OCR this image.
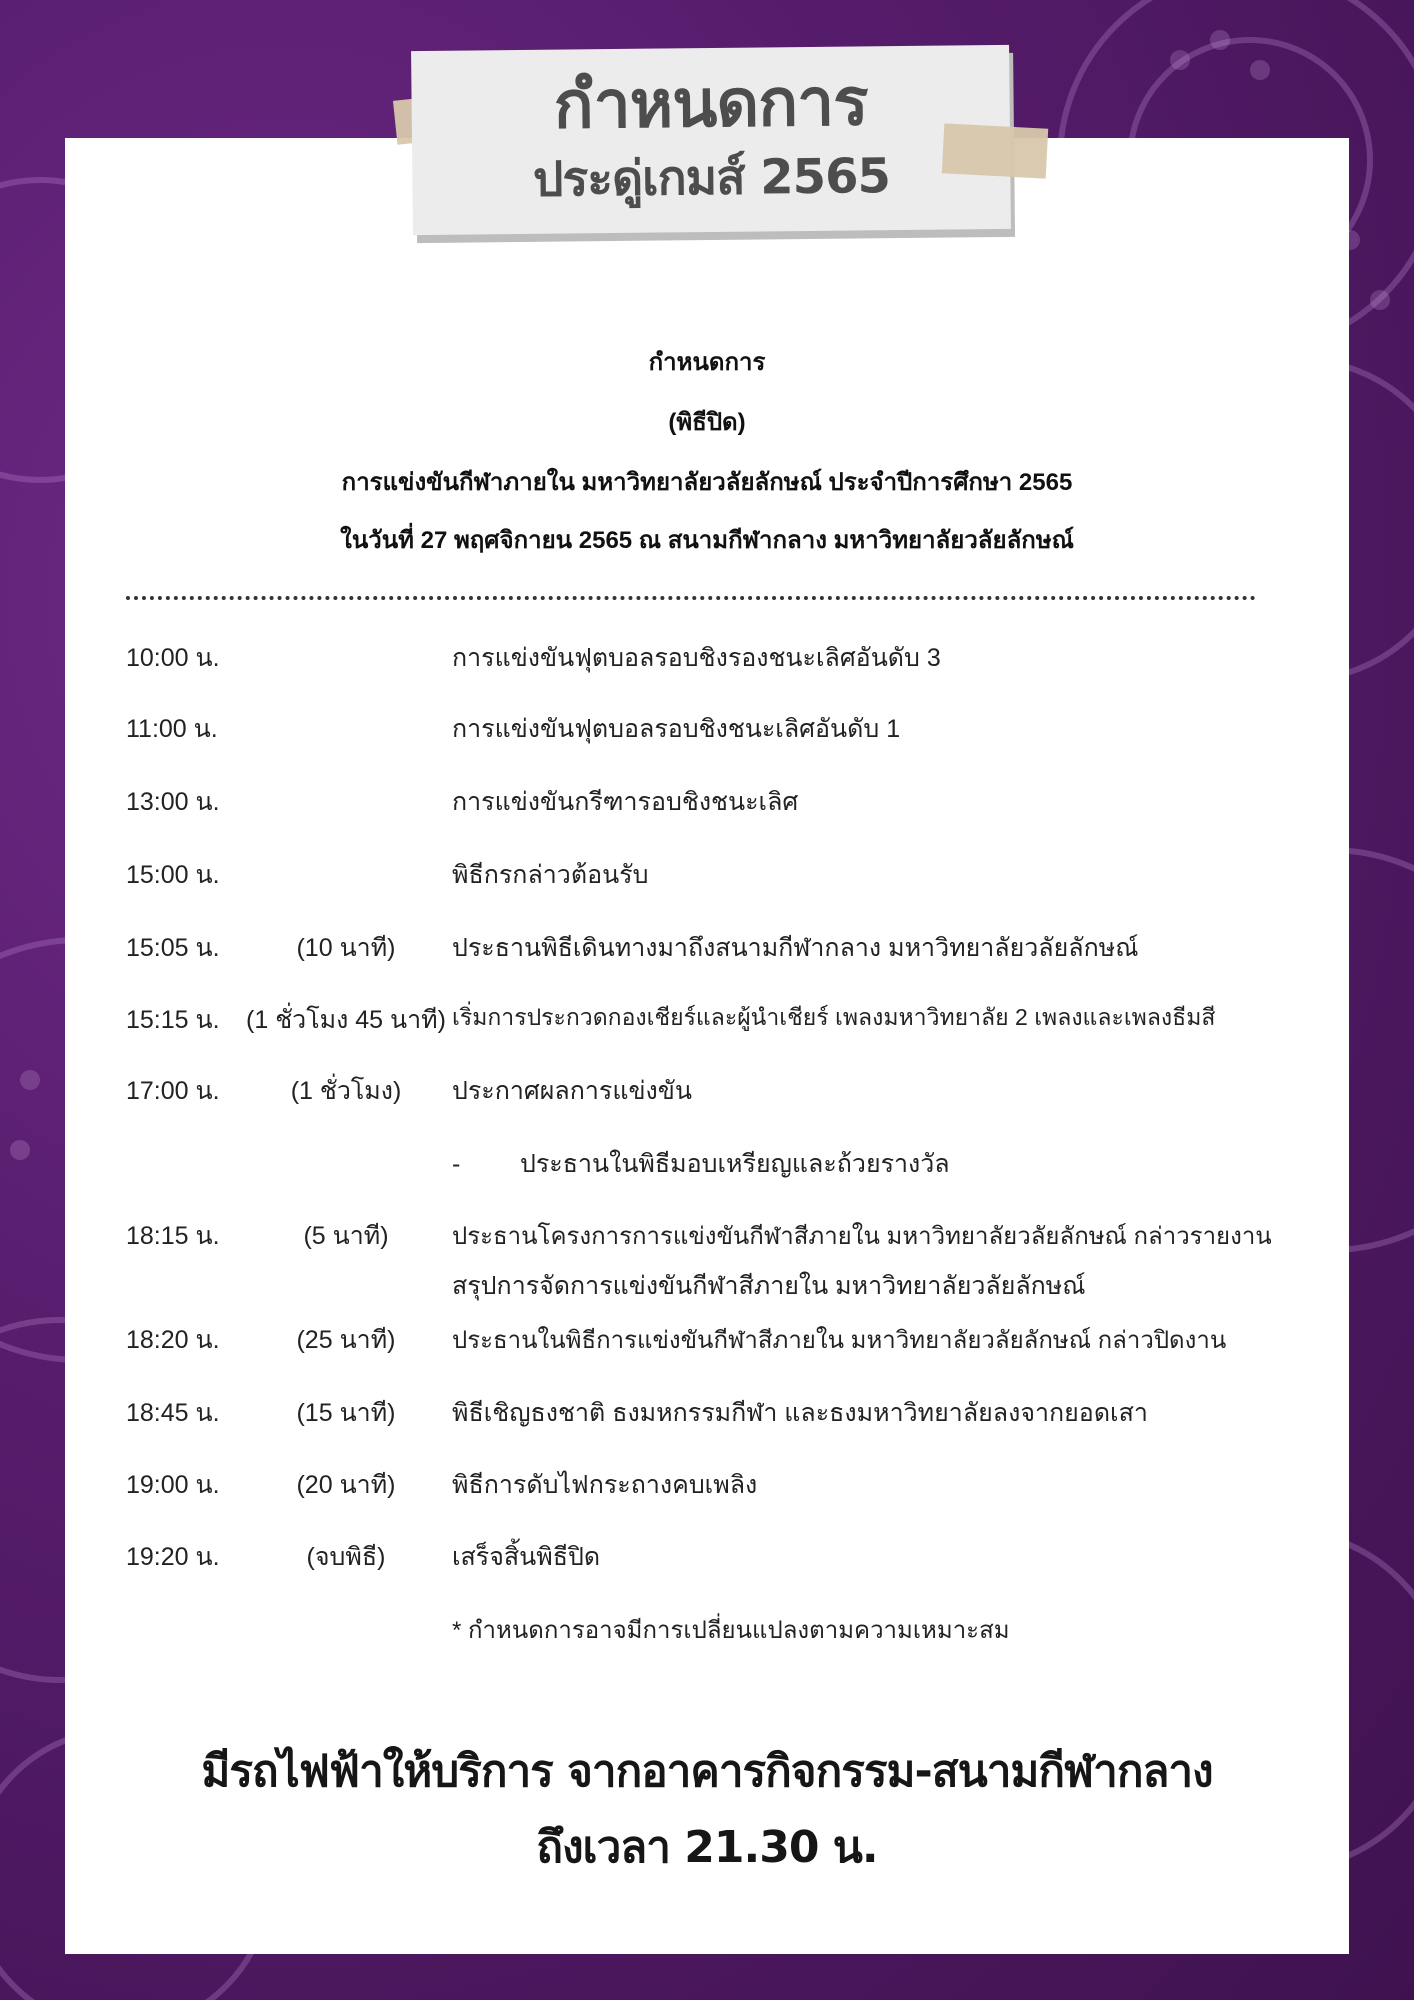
กำหนดการ
ประดู่เกมส์ 2565
กำหนดการ
(พิธีปิด)
การแข่งขันกีฬาภายใน มหาวิทยาลัยวลัยลักษณ์ ประจำปีการศึกษา 2565
ในวันที่ 27 พฤศจิกายน 2565 ณ สนามกีฬากลาง มหาวิทยาลัยวลัยลักษณ์
10:00 น.	การแข่งขันฟุตบอลรอบชิงรองชนะเลิศอันดับ 3
11:00 น.	การแข่งขันฟุตบอลรอบชิงชนะเลิศอันดับ 1
13:00 น.	การแข่งขันกรีฑารอบชิงชนะเลิศ
15:00 น.	พิธีกรกล่าวต้อนรับ
15:05 น.	(10 นาที)	ประธานพิธีเดินทางมาถึงสนามกีฬากลาง มหาวิทยาลัยวลัยลักษณ์
15:15 น. (1 ชั่วโมง 45 นาที) เริ่มการประกวดกองเชียร์และผู้นำเชียร์ เพลงมหาวิทยาลัย 2 เพลงและเพลงธีมสี
17:00 น.	(1 ชั่วโมง)	ประกาศผลการแข่งขัน
- ประธานในพิธีมอบเหรียญและถ้วยรางวัล
18:15 น.	(5 นาที)	ประธานโครงการการแข่งขันกีฬาสีภายใน มหาวิทยาลัยวลัยลักษณ์ กล่าวรายงาน
สรุปการจัดการแข่งขันกีฬาสีภายใน มหาวิทยาลัยวลัยลักษณ์
18:20 น.	(25 นาที)	ประธานในพิธีการแข่งขันกีฬาสีภายใน มหาวิทยาลัยวลัยลักษณ์ กล่าวปิดงาน
18:45 น.	(15 นาที)	พิธีเชิญธงชาติ ธงมหกรรมกีฬา และธงมหาวิทยาลัยลงจากยอดเสา
19:00 น.	(20 นาที)	พิธีการดับไฟกระถางคบเพลิง
19:20 น.	(จบพิธี)	เสร็จสิ้นพิธีปิด
* กำหนดการอาจมีการเปลี่ยนแปลงตามความเหมาะสม
มีรถไฟฟ้าให้บริการ จากอาคารกิจกรรม-สนามกีฬากลาง
ถึงเวลา 21.30 น.
